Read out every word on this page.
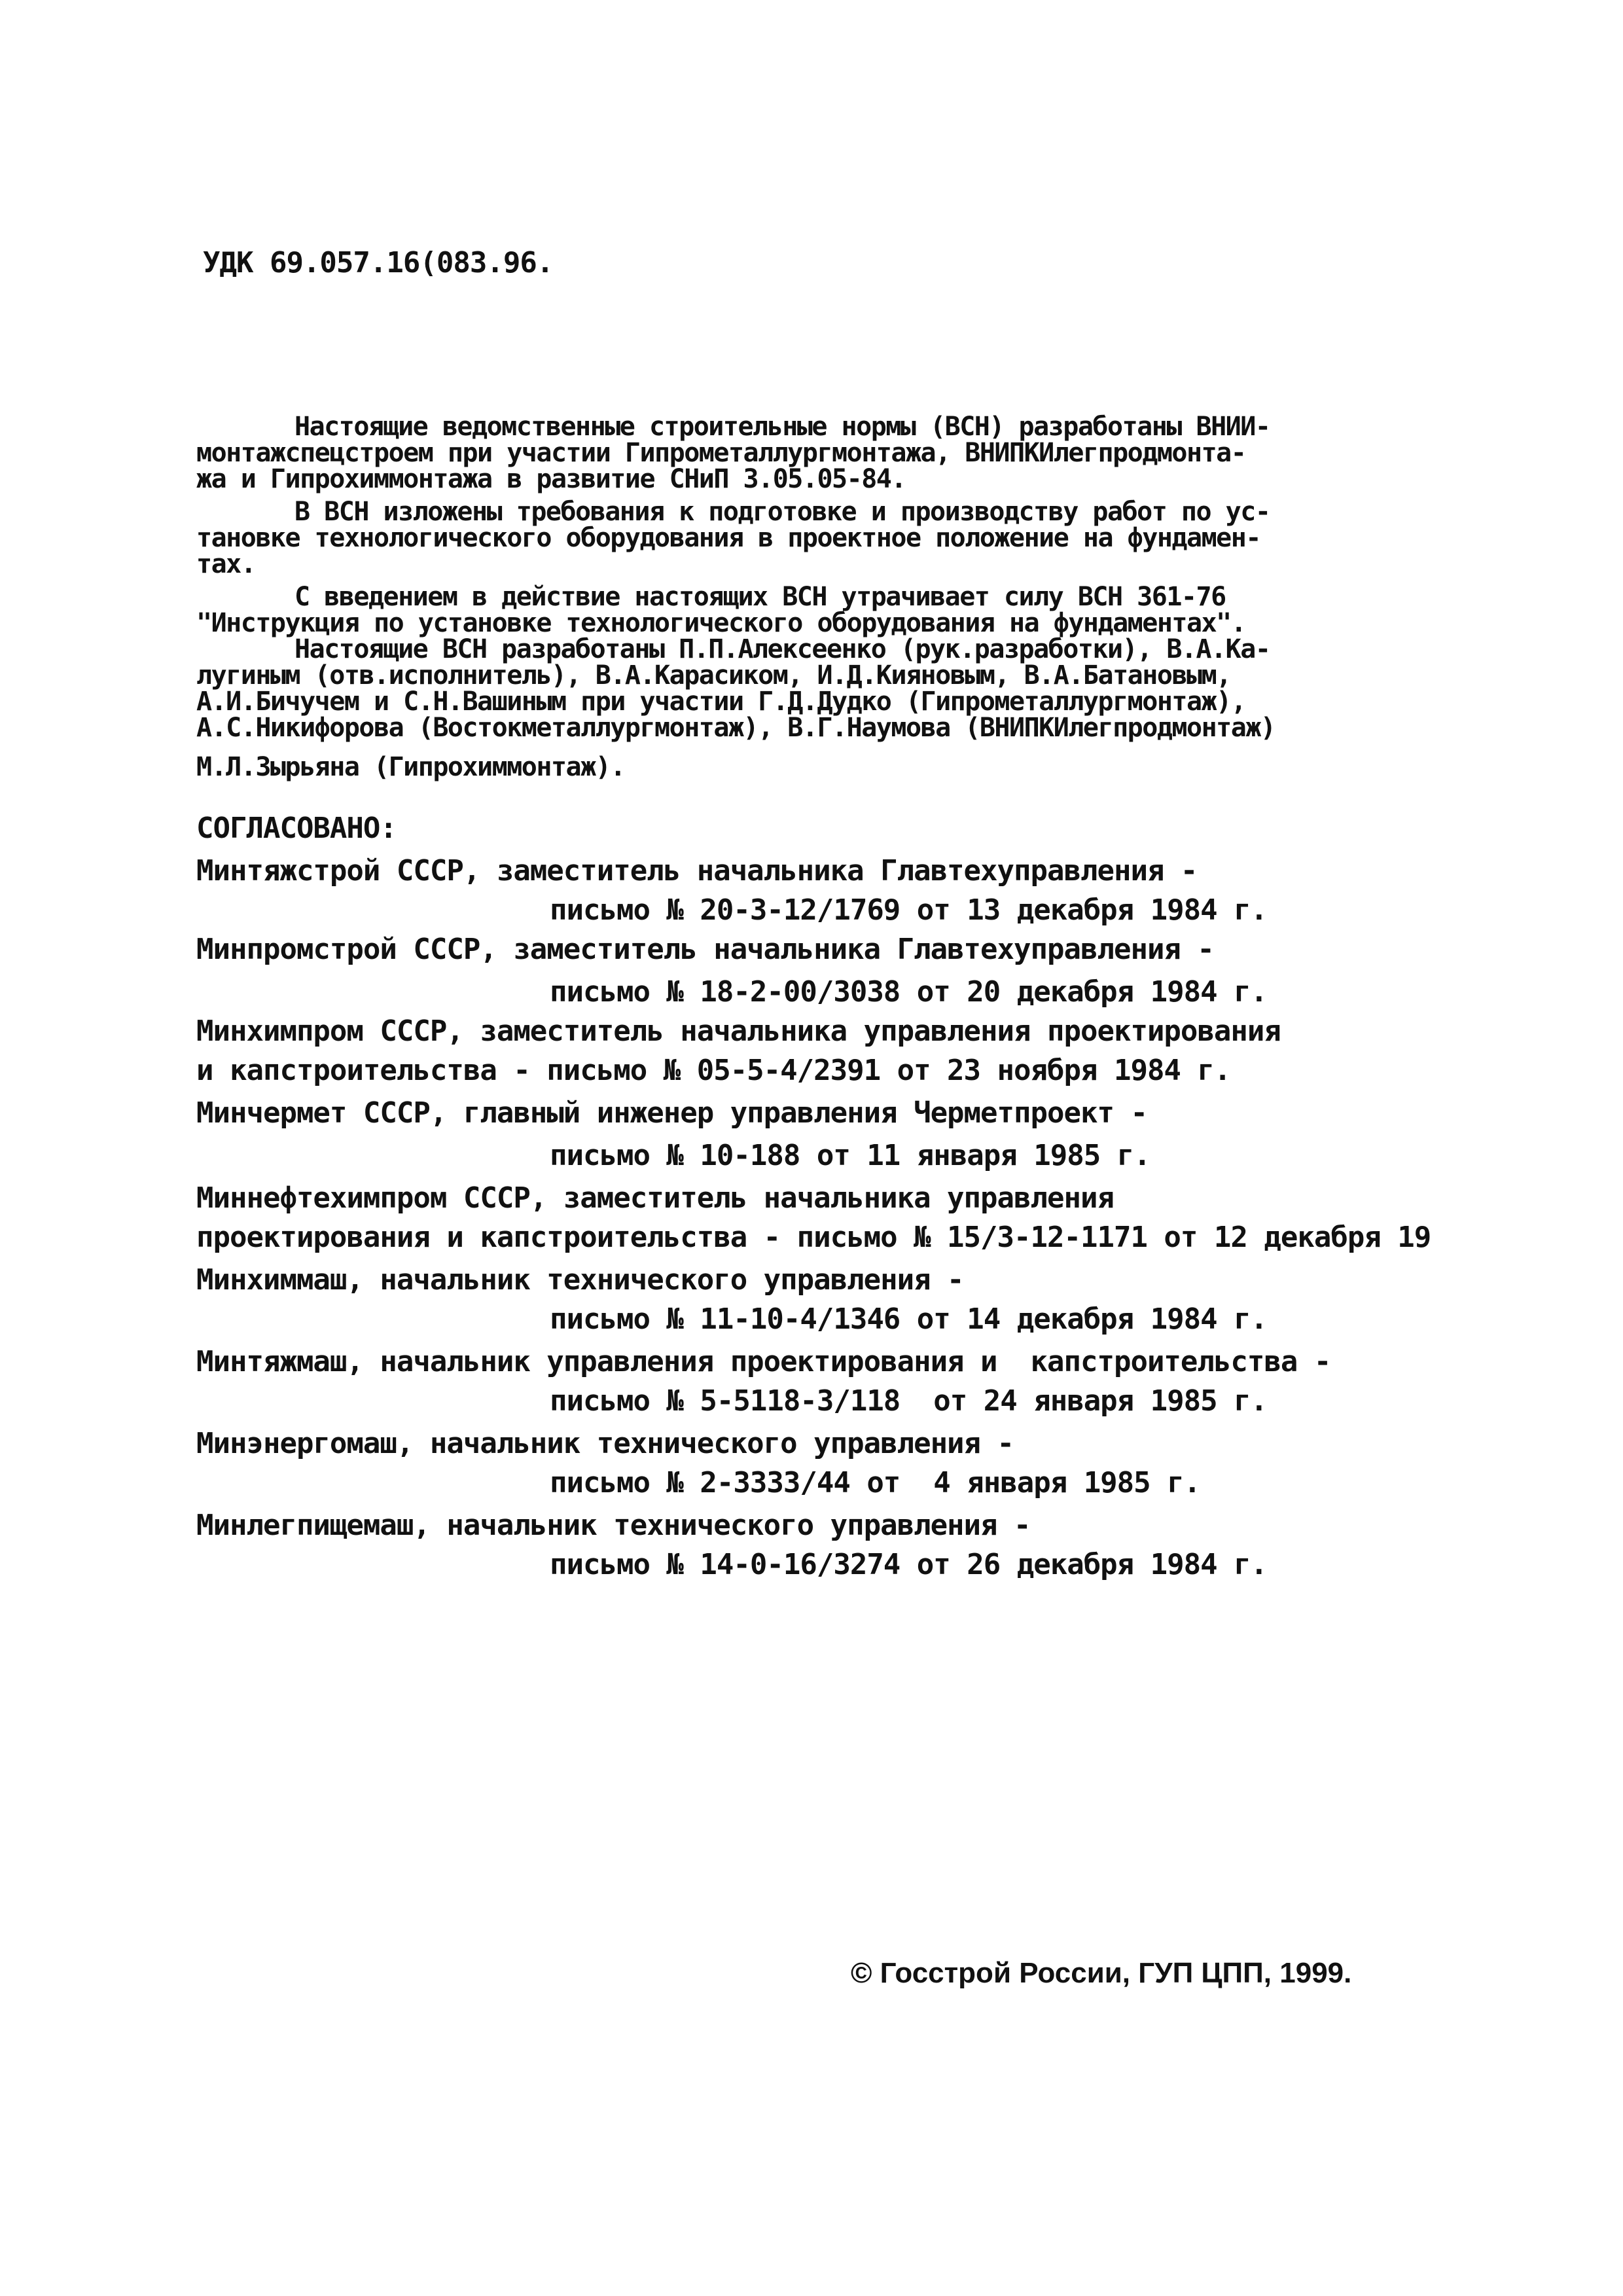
УДК 69.057.16(083.96.
Настоящие ведомственные строительные нормы (ВСН) разработаны ВНИИ-
монтажспецстроем при участии Гипрометаллургмонтажа, ВНИПКИлегпродмонта-
жа и Гипрохиммонтажа в развитие СНиП 3.05.05-84.
В ВСН изложены требования к подготовке и производству работ по ус-
тановке технологического оборудования в проектное положение на фундамен-
тах.
С введением в действие настоящих ВСН утрачивает силу ВСН 361-76
"Инструкция по установке технологического оборудования на фундаментах".
Настоящие ВСН разработаны П.П.Алексеенко (рук.разработки), В.А.Ка-
лугиным (отв.исполнитель), В.А.Карасиком, И.Д.Кияновым, В.А.Батановым,
А.И.Бичучем и С.Н.Вашиным при участии Г.Д.Дудко (Гипрометаллургмонтаж),
А.С.Никифорова (Востокметаллургмонтаж), В.Г.Наумова (ВНИПКИлегпродмонтаж)
М.Л.Зырьяна (Гипрохиммонтаж).
СОГЛАСОВАНО:
Минтяжстрой СССР, заместитель начальника Главтехуправления -
письмо № 20-3-12/1769 от 13 декабря 1984 г.
Минпромстрой СССР, заместитель начальника Главтехуправления -
письмо № 18-2-00/3038 от 20 декабря 1984 г.
Минхимпром СССР, заместитель начальника управления проектирования
и капстроительства - письмо № 05-5-4/2391 от 23 ноября 1984 г.
Минчермет СССР, главный инженер управления Черметпроект -
письмо № 10-188 от 11 января 1985 г.
Миннефтехимпром СССР, заместитель начальника управления
проектирования и капстроительства - письмо № 15/3-12-1171 от 12 декабря 19
Минхиммаш, начальник технического управления -
письмо № 11-10-4/1346 от 14 декабря 1984 г.
Минтяжмаш, начальник управления проектирования и  капстроительства -
письмо № 5-5118-3/118  от 24 января 1985 г.
Минэнергомаш, начальник технического управления -
письмо № 2-3333/44 от  4 января 1985 г.
Минлегпищемаш, начальник технического управления -
письмо № 14-0-16/3274 от 26 декабря 1984 г.
© Госстрой России, ГУП ЦПП, 1999.
